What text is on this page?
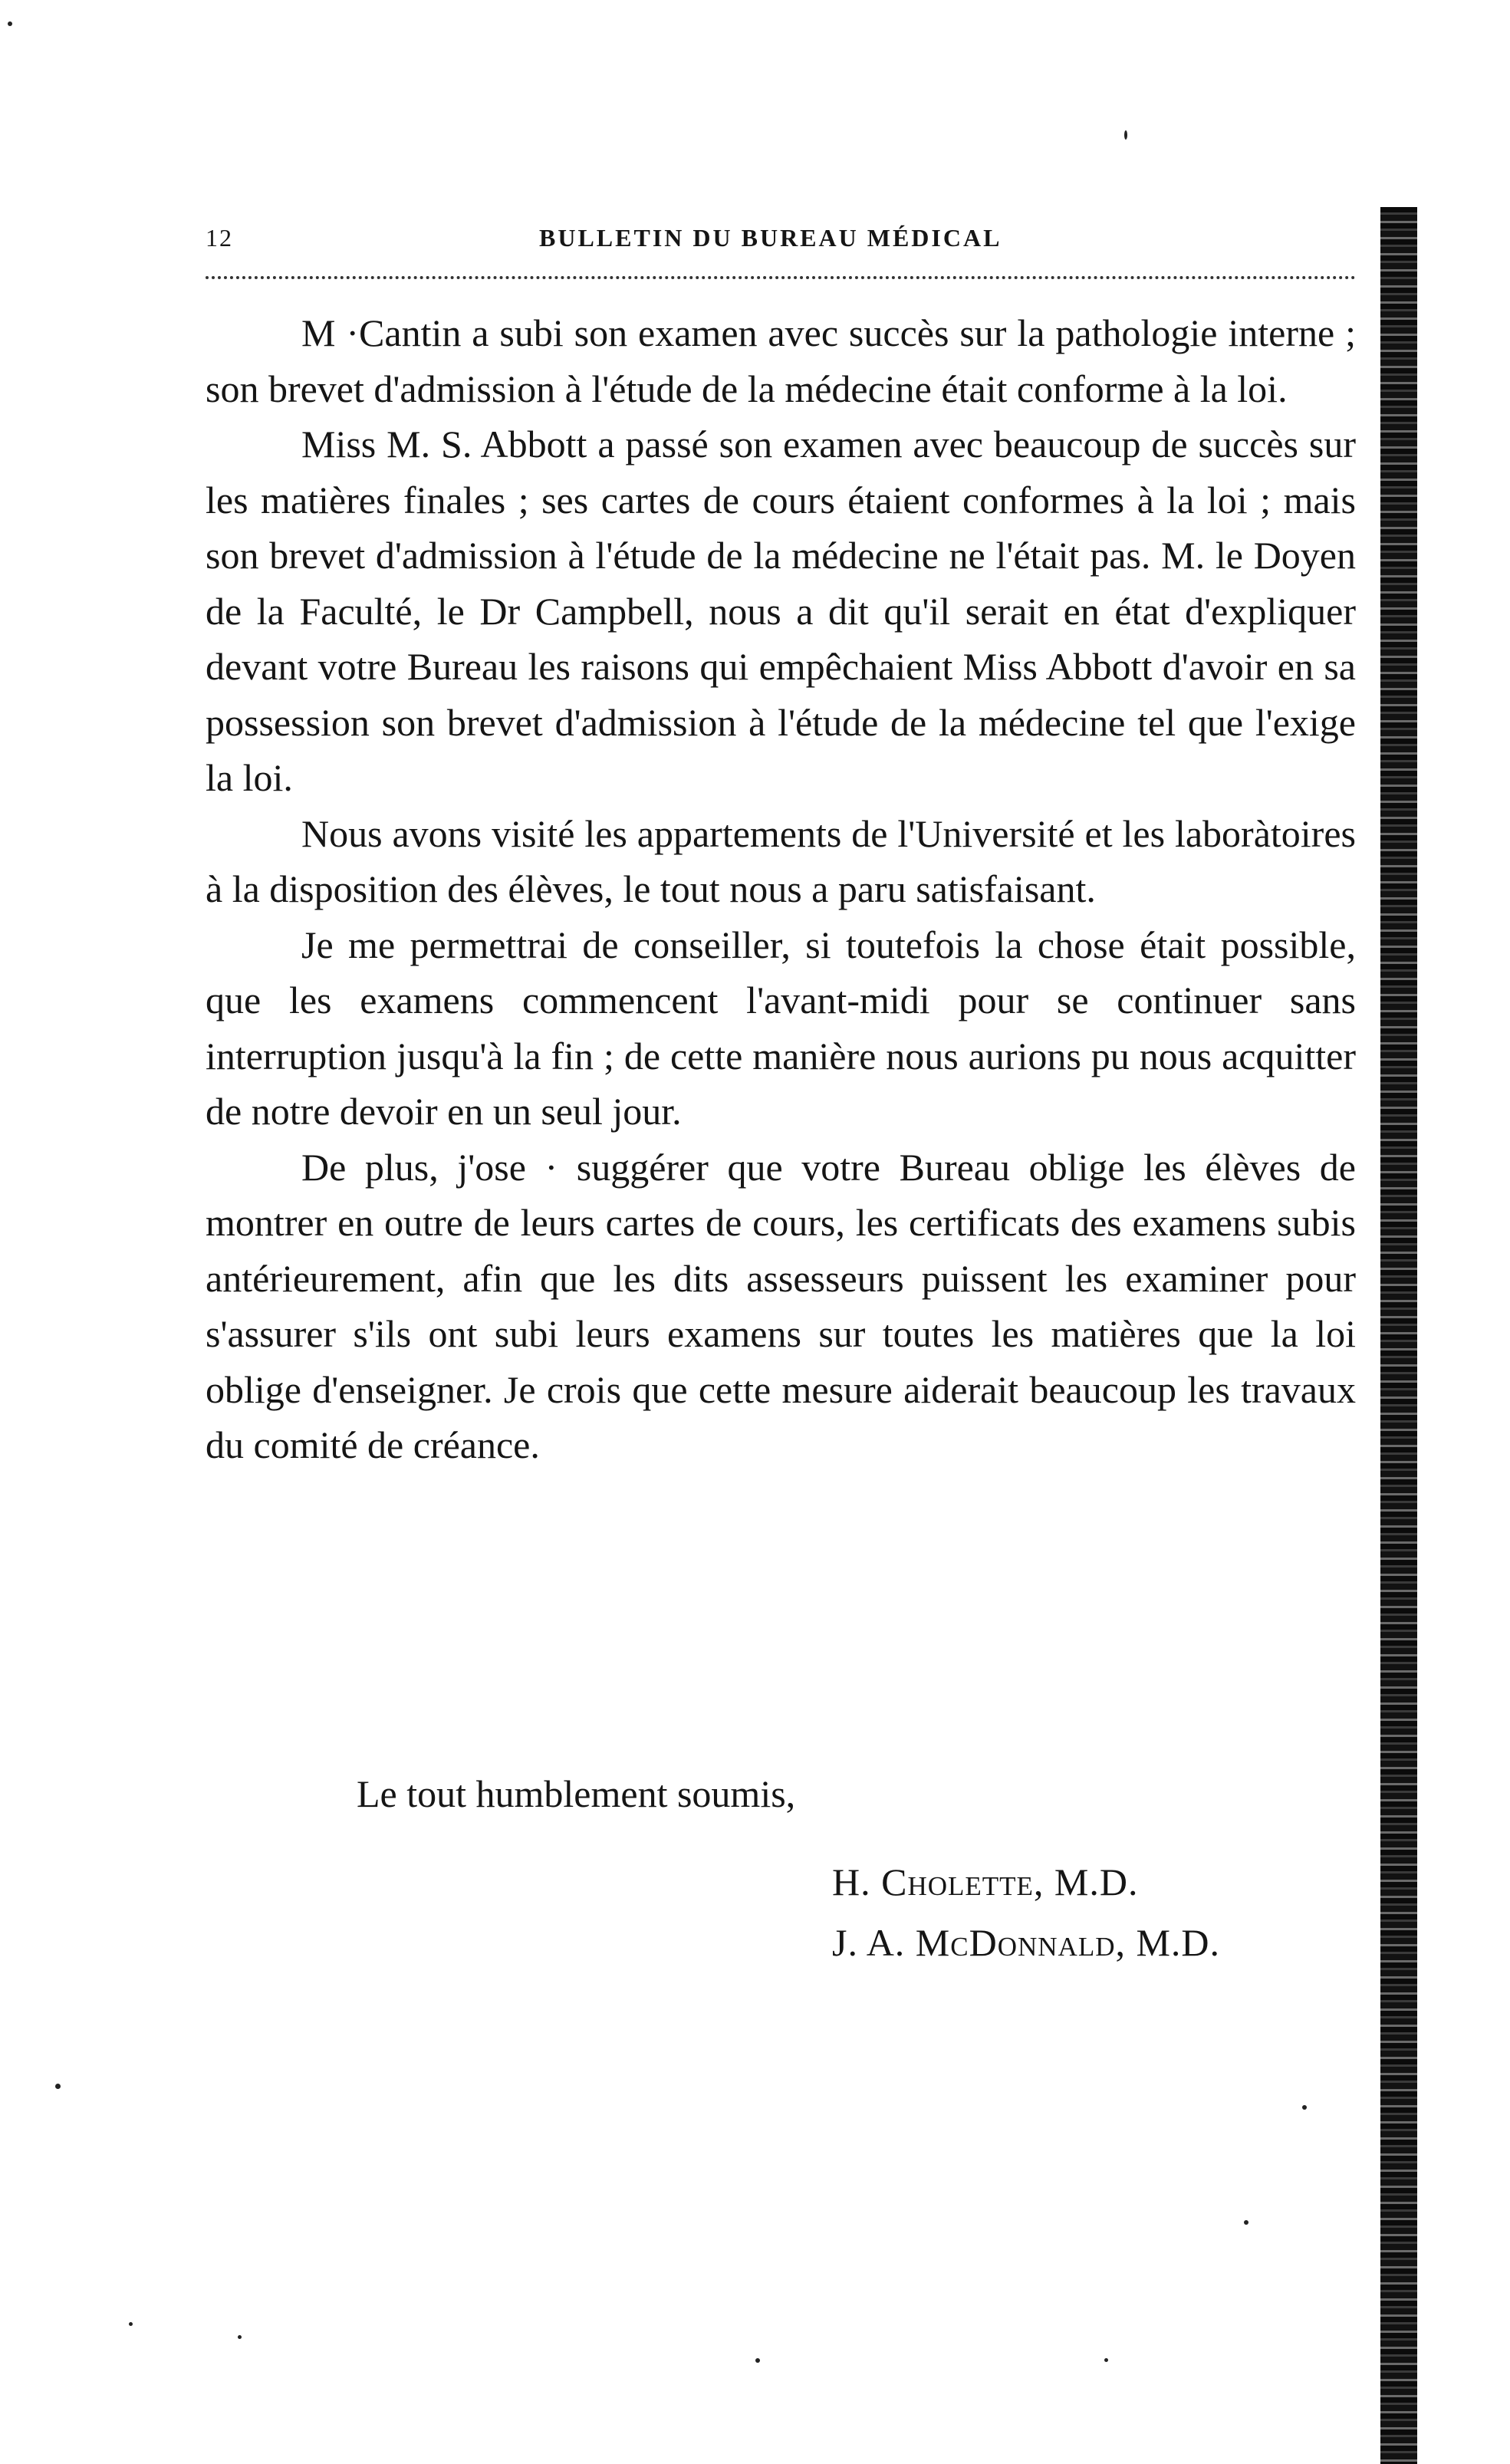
12	BULLETIN DU BUREAU MÉDICAL

M ·Cantin a subi son examen avec succès sur la pathologie interne ; son brevet d'admission à l'étude de la médecine était conforme à la loi.

Miss M. S. Abbott a passé son examen avec beaucoup de succès sur les matières finales ; ses cartes de cours étaient conformes à la loi ; mais son brevet d'admission à l'étude de la médecine ne l'était pas. M. le Doyen de la Faculté, le Dr Campbell, nous a dit qu'il serait en état d'expliquer devant votre Bureau les raisons qui empêchaient Miss Abbott d'avoir en sa possession son brevet d'admission à l'étude de la médecine tel que l'exige la loi.

Nous avons visité les appartements de l'Université et les laboràtoires à la disposition des élèves, le tout nous a paru satisfaisant.

Je me permettrai de conseiller, si toutefois la chose était possible, que les examens commencent l'avant-midi pour se continuer sans interruption jusqu'à la fin ; de cette manière nous aurions pu nous acquitter de notre devoir en un seul jour.

De plus, j'ose · suggérer que votre Bureau oblige les élèves de montrer en outre de leurs cartes de cours, les certificats des examens subis antérieurement, afin que les dits assesseurs puissent les examiner pour s'assurer s'ils ont subi leurs examens sur toutes les matières que la loi oblige d'enseigner. Je crois que cette mesure aiderait beaucoup les travaux du comité de créance.

Le tout humblement soumis,
H. Cholette, M.D.
J. A. McDonnald, M.D.
